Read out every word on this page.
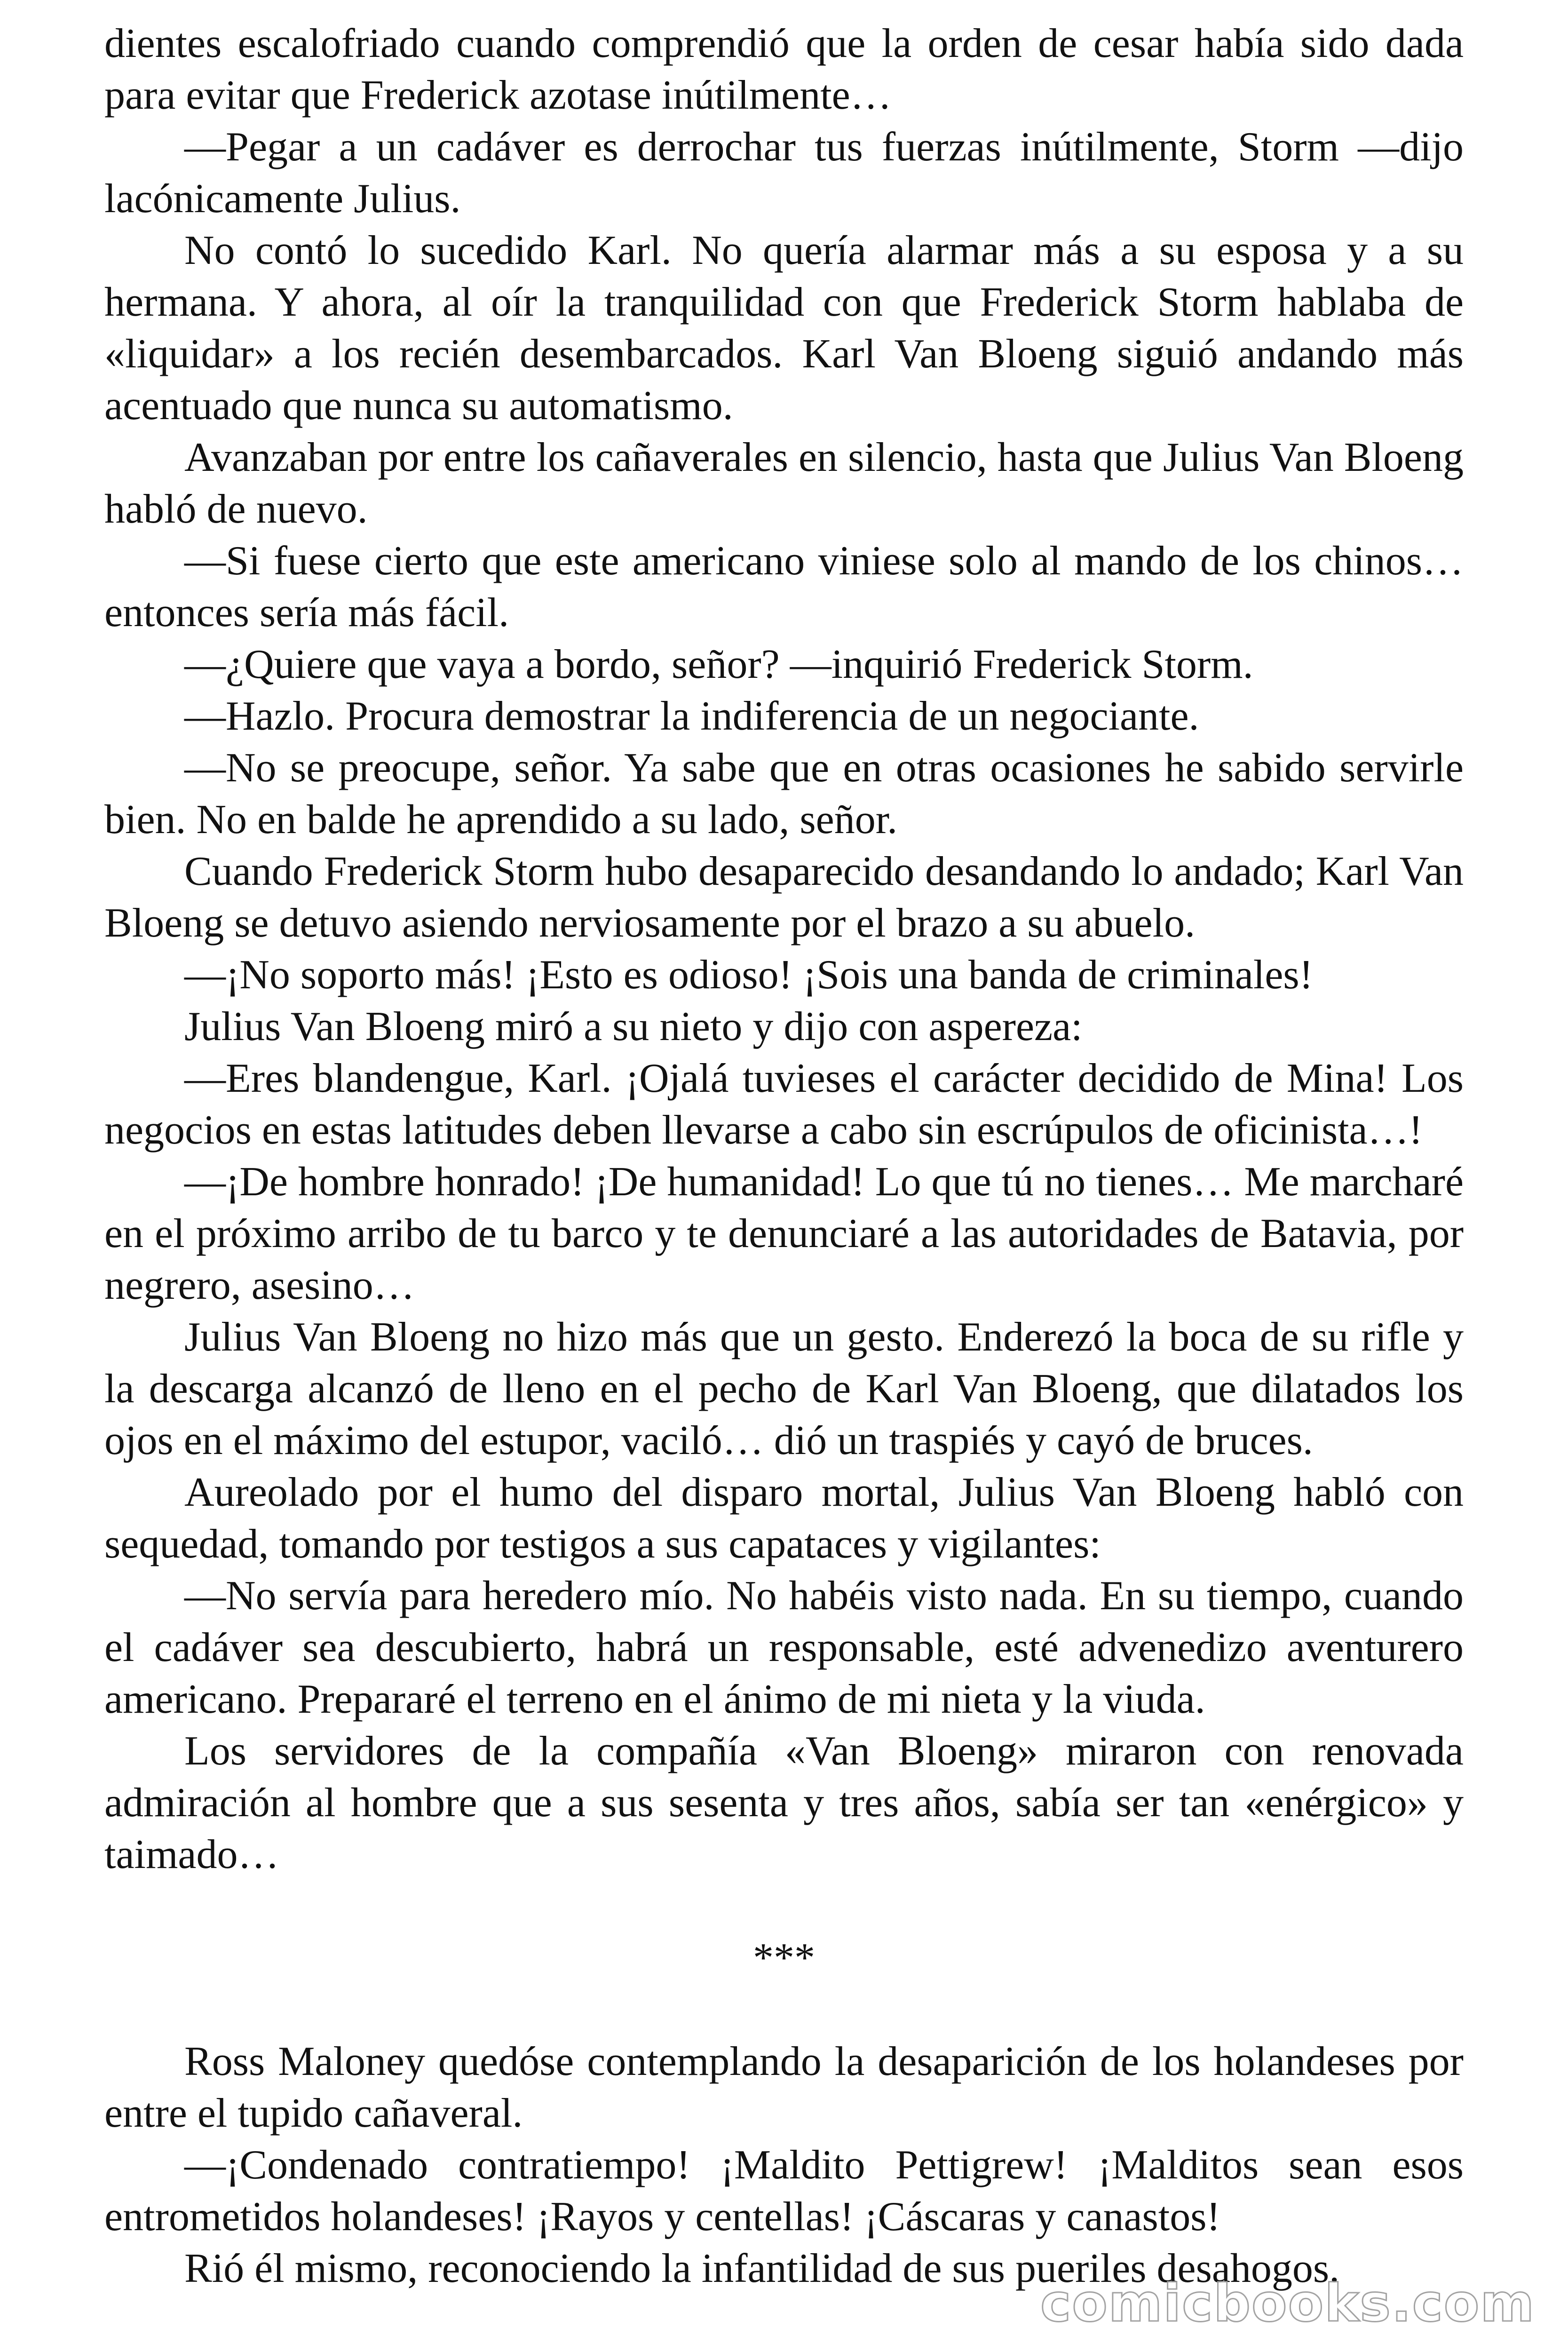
dientes escalofriado cuando comprendió que la orden de cesar había sido dada para evitar que Frederick azotase inútilmente…

—Pegar a un cadáver es derrochar tus fuerzas inútilmente, Storm —dijo lacónicamente Julius.

No contó lo sucedido Karl. No quería alarmar más a su esposa y a su hermana. Y ahora, al oír la tranquilidad con que Frederick Storm hablaba de «liquidar» a los recién desembarcados. Karl Van Bloeng siguió andando más acentuado que nunca su automatismo.

Avanzaban por entre los cañaverales en silencio, hasta que Julius Van Bloeng habló de nuevo.

—Si fuese cierto que este americano viniese solo al mando de los chinos… entonces sería más fácil.

—¿Quiere que vaya a bordo, señor? —inquirió Frederick Storm.

—Hazlo. Procura demostrar la indiferencia de un negociante.

—No se preocupe, señor. Ya sabe que en otras ocasiones he sabido servirle bien. No en balde he aprendido a su lado, señor.

Cuando Frederick Storm hubo desaparecido desandando lo andado; Karl Van Bloeng se detuvo asiendo nerviosamente por el brazo a su abuelo.

—¡No soporto más! ¡Esto es odioso! ¡Sois una banda de criminales!

Julius Van Bloeng miró a su nieto y dijo con aspereza:

—Eres blandengue, Karl. ¡Ojalá tuvieses el carácter decidido de Mina! Los negocios en estas latitudes deben llevarse a cabo sin escrúpulos de oficinista…!

—¡De hombre honrado! ¡De humanidad! Lo que tú no tienes… Me marcharé en el próximo arribo de tu barco y te denunciaré a las autoridades de Batavia, por negrero, asesino…

Julius Van Bloeng no hizo más que un gesto. Enderezó la boca de su rifle y la descarga alcanzó de lleno en el pecho de Karl Van Bloeng, que dilatados los ojos en el máximo del estupor, vaciló… dió un traspiés y cayó de bruces.

Aureolado por el humo del disparo mortal, Julius Van Bloeng habló con sequedad, tomando por testigos a sus capataces y vigilantes:

—No servía para heredero mío. No habéis visto nada. En su tiempo, cuando el cadáver sea descubierto, habrá un responsable, esté advenedizo aventurero americano. Prepararé el terreno en el ánimo de mi nieta y la viuda.

Los servidores de la compañía «Van Bloeng» miraron con renovada admiración al hombre que a sus sesenta y tres años, sabía ser tan «enérgico» y taimado…

***

Ross Maloney quedóse contemplando la desaparición de los holandeses por entre el tupido cañaveral.

—¡Condenado contratiempo! ¡Maldito Pettigrew! ¡Malditos sean esos entrometidos holandeses! ¡Rayos y centellas! ¡Cáscaras y canastos!

Rió él mismo, reconociendo la infantilidad de sus pueriles desahogos.

comicbooks.com
